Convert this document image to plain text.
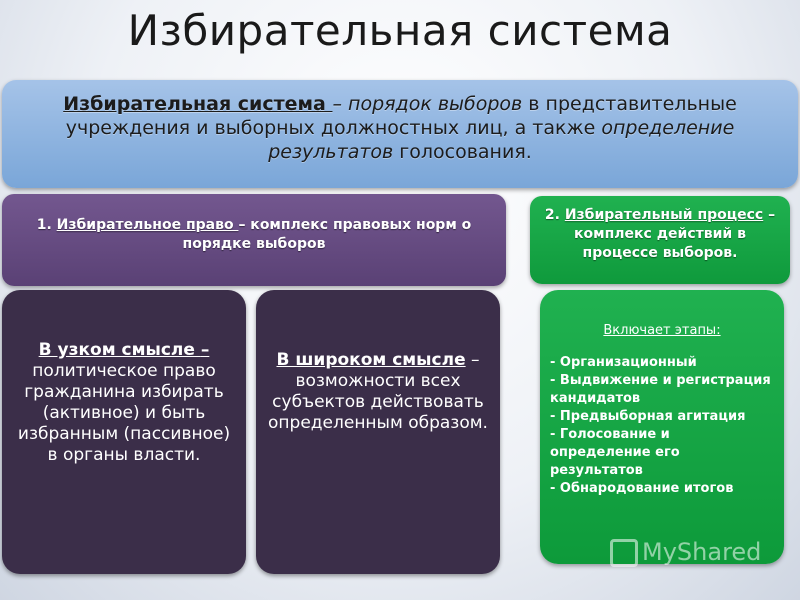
Избирательная система
Избирательная система – порядок выборов в представительные учреждения и выборных должностных лиц, а также определение результатов голосования.
1. Избирательное право – комплекс правовых норм о порядке выборов
2. Избирательный процесс – комплекс действий в процессе выборов.
В узком смысле – политическое право гражданина избирать (активное) и быть избранным (пассивное) в органы власти.
В широком смысле – возможности всех субъектов действовать определенным образом.
Включает этапы:
- Организационный
- Выдвижение и регистрация кандидатов
- Предвыборная агитация
- Голосование и определение его результатов
- Обнародование итогов
MyShared
